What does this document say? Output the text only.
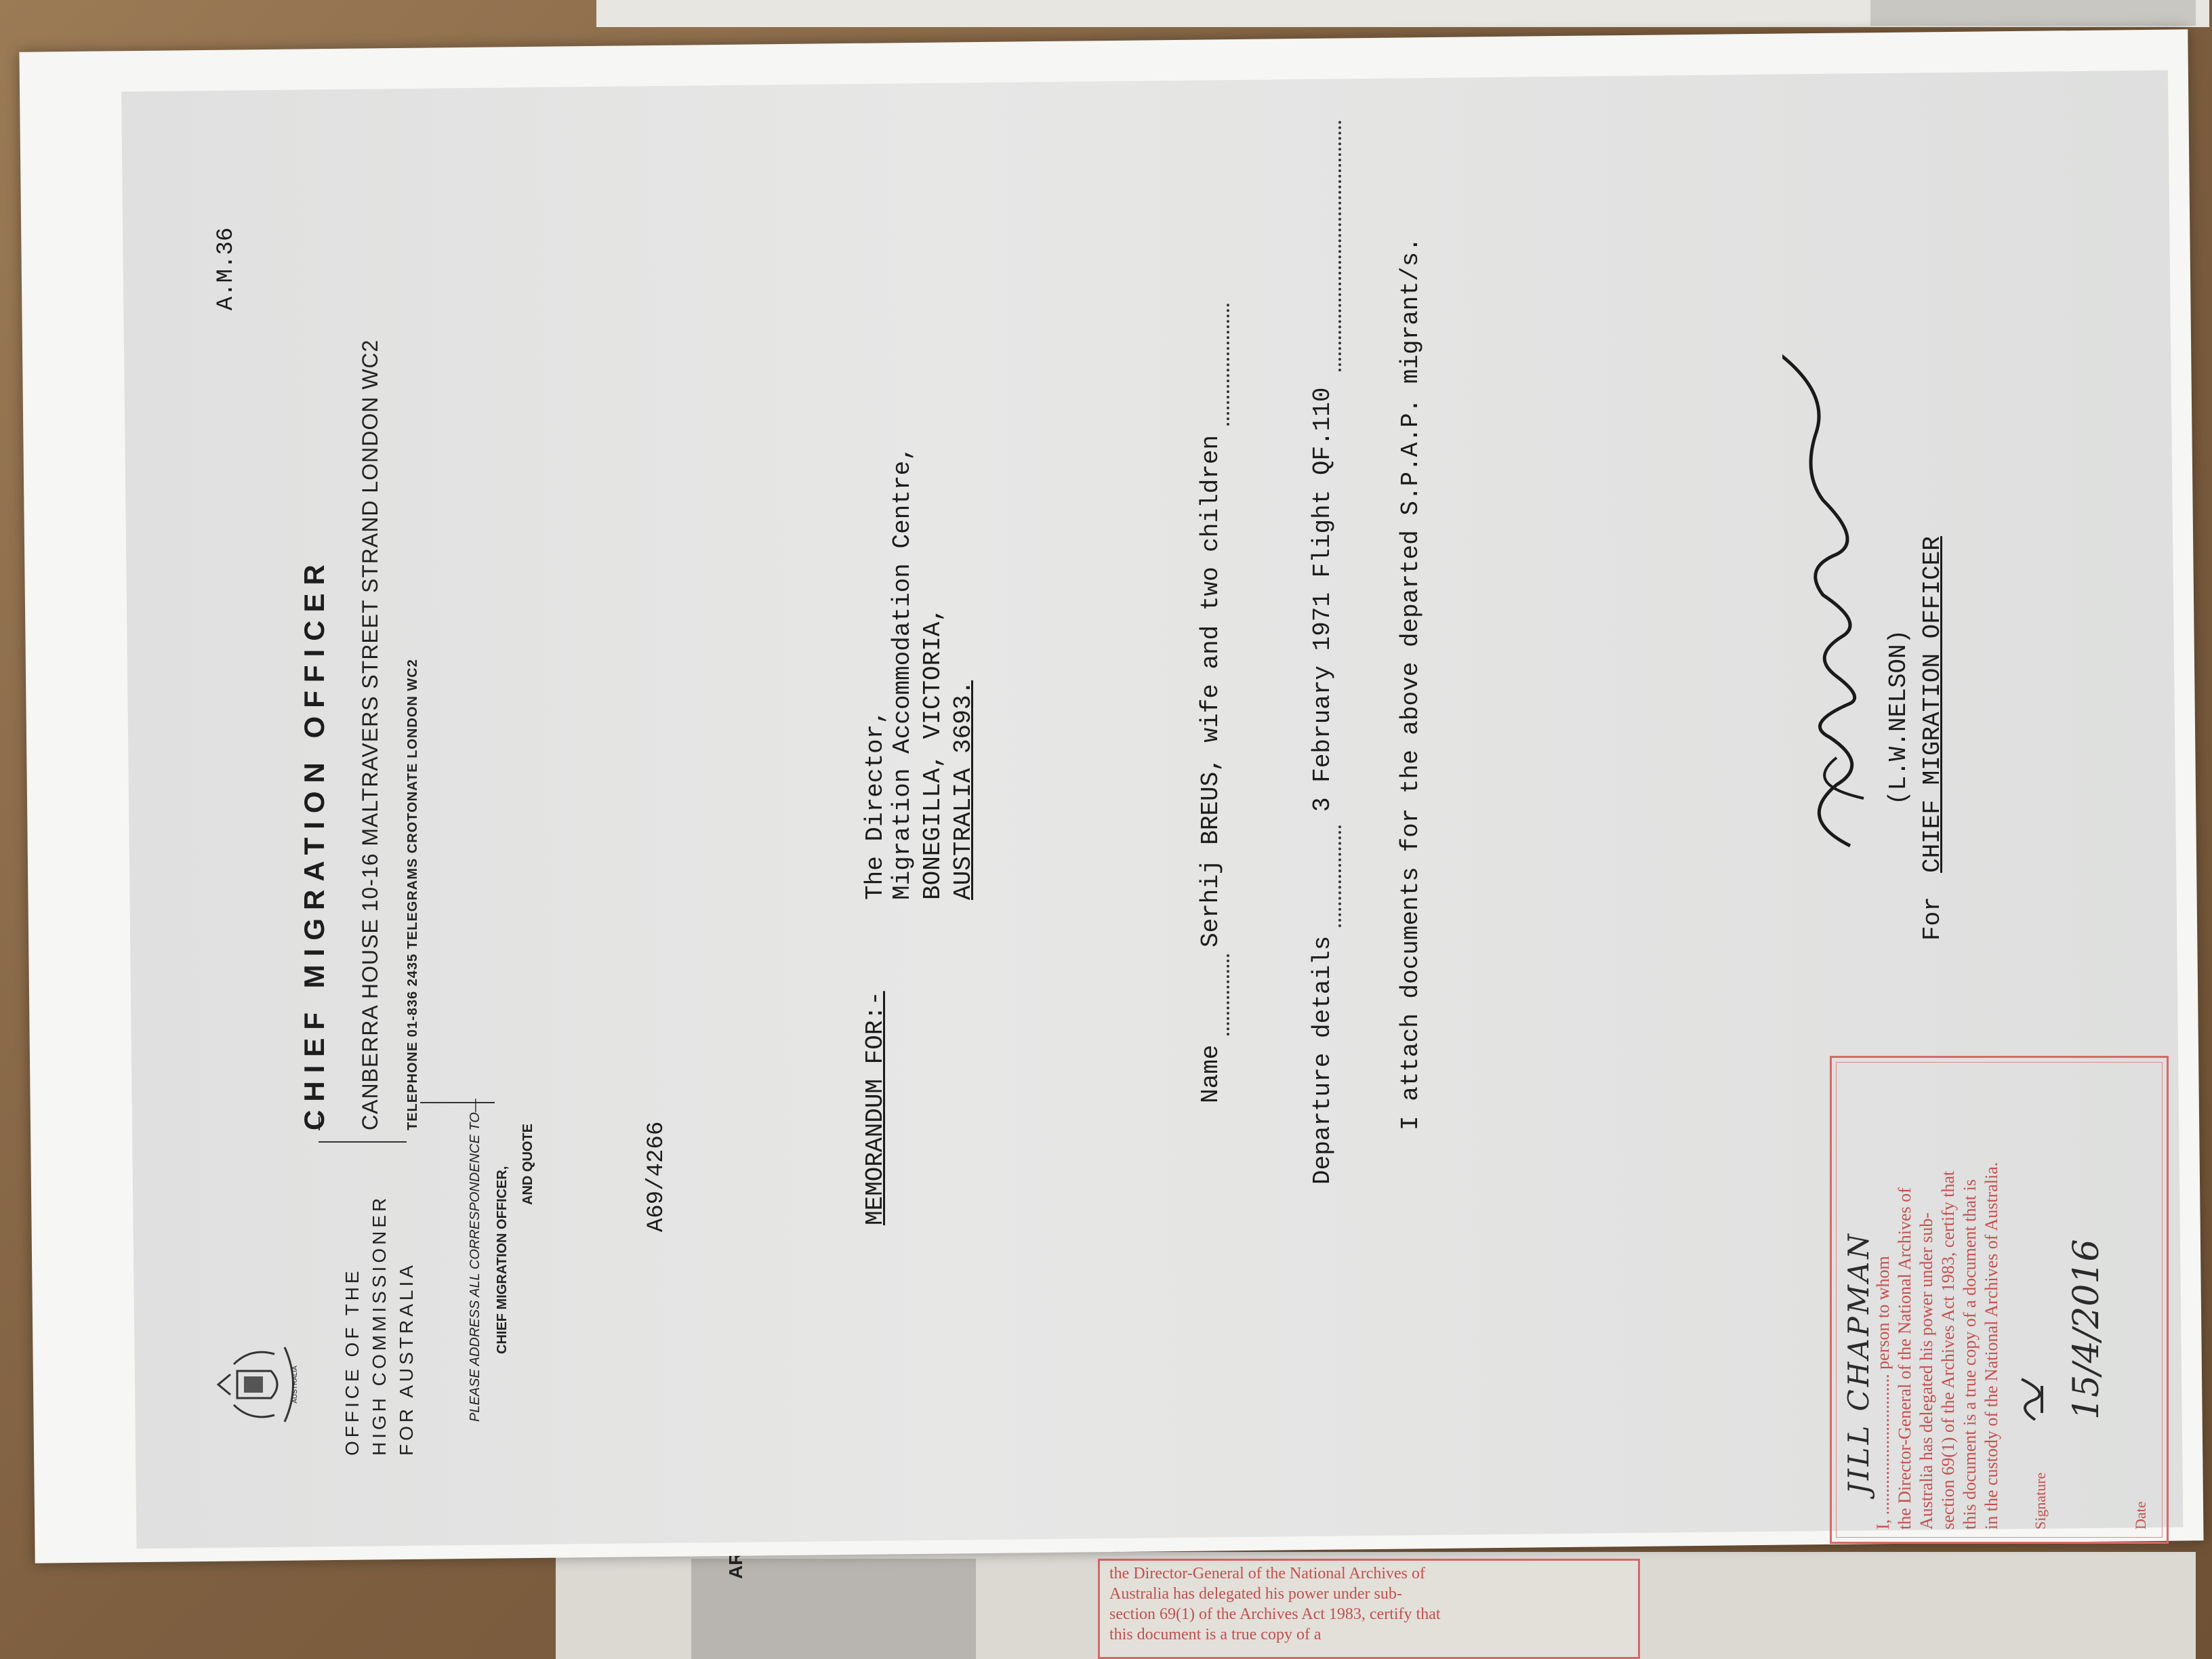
the Director-General of the National Archives of
Australia has delegated his power under sub-
section 69(1) of the Archives Act 1983, certify that
this document is a true copy of a
A.M.36
AUSTRALIA OFFICE OF THE HIGH COMMISSIONER FOR AUSTRALIA
CHIEF MIGRATION OFFICER CANBERRA HOUSE 10-16 MALTRAVERS STREET STRAND LONDON WC2 TELEPHONE 01-836 2435 TELEGRAMS CROTONATE LONDON WC2
PLEASE ADDRESS ALL CORRESPONDENCE TO— CHIEF MIGRATION OFFICER,
AND QUOTE	A69/4266	MEMORANDUM FOR:-
The Director, Migration Accommodation Centre, BONEGILLA, VICTORIA, AUSTRALIA 3693.
Name
Serhij BREUS, wife and two children
Departure details
3 February 1971 Flight QF.110 I attach documents for the above departed S.P.A.P. migrant/s.	(L.W.NELSON)
For
CHIEF MIGRATION OFFICER
JILL CHAPMAN
I, ................................ person to whom the Director-General of the National Archives of Australia has delegated his power under sub- section 69(1) of the Archives Act 1983, certify that this document is a true copy of a document that is in the custody of the National Archives of Australia. Signature	Date
15/4/2016
